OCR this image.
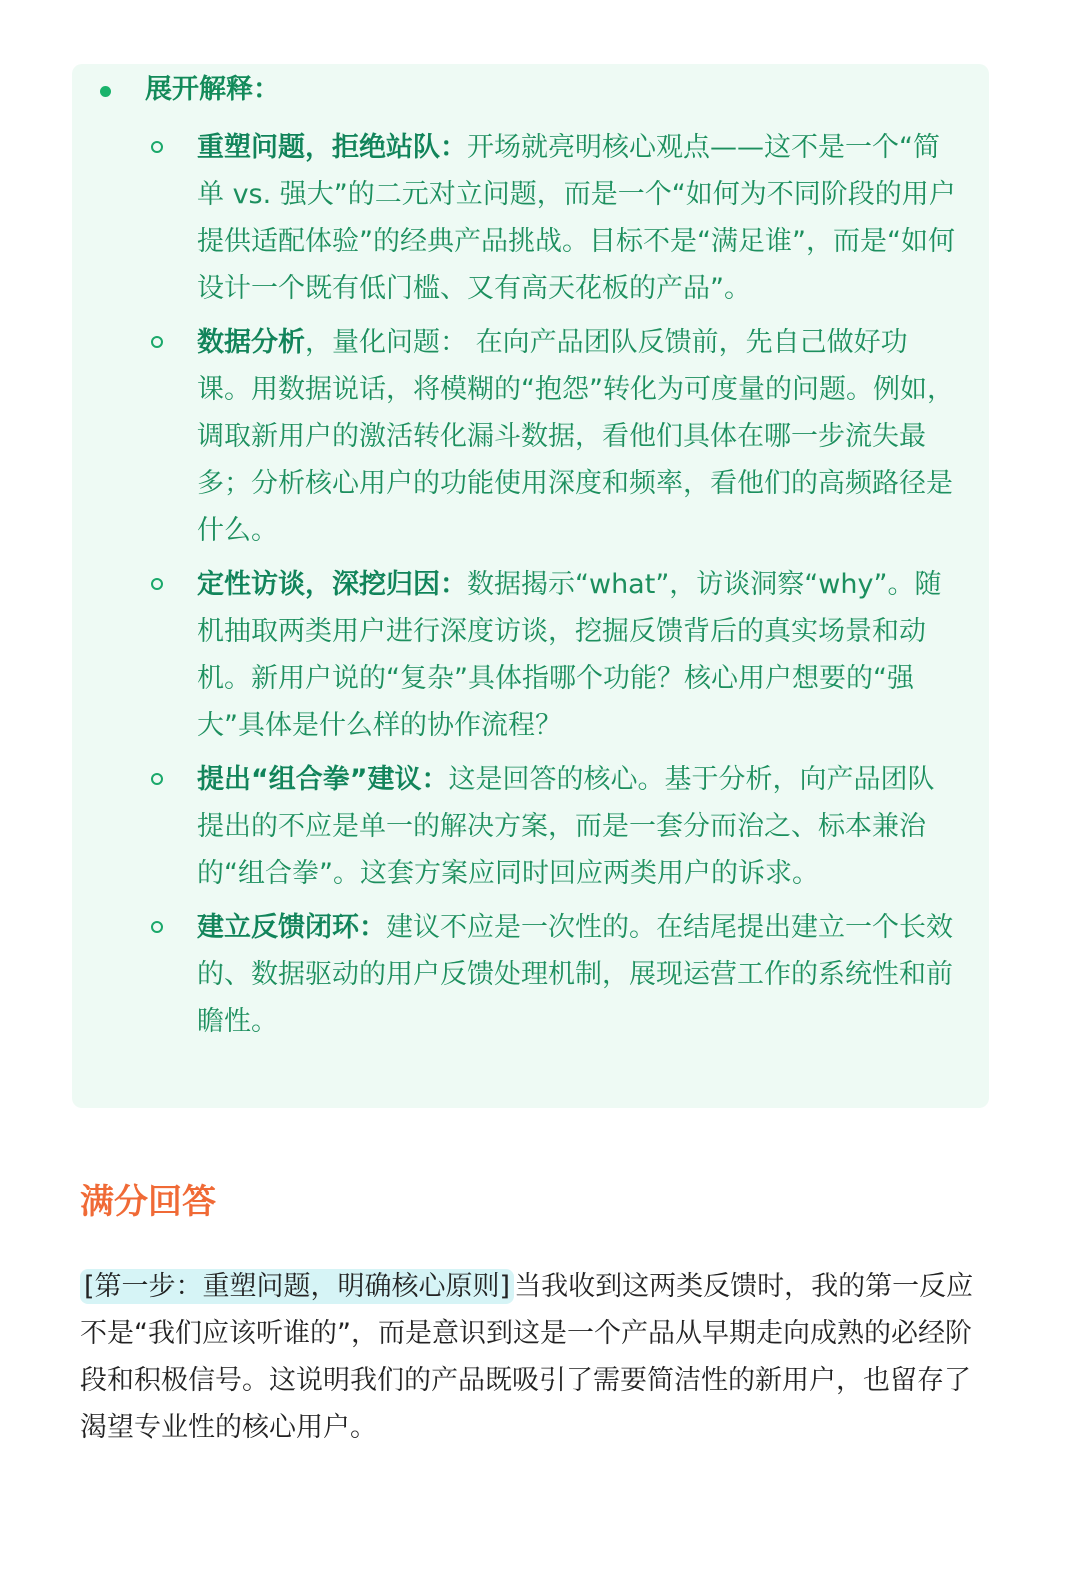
展开解释：
重塑问题，拒绝站队：开场就亮明核心观点——这不是一个“简单 vs. 强大”的二元对立问题，而是一个“如何为不同阶段的用户提供适配体验”的经典产品挑战。目标不是“满足谁”，而是“如何设计一个既有低门槛、又有高天花板的产品”。
数据分析，量化问题： 在向产品团队反馈前，先自己做好功课。用数据说话，将模糊的“抱怨”转化为可度量的问题。例如，调取新用户的激活转化漏斗数据，看他们具体在哪一步流失最多；分析核心用户的功能使用深度和频率，看他们的高频路径是什么。
定性访谈，深挖归因：数据揭示“what”，访谈洞察“why”。随机抽取两类用户进行深度访谈，挖掘反馈背后的真实场景和动机。新用户说的“复杂”具体指哪个功能？核心用户想要的“强大”具体是什么样的协作流程？
提出“组合拳”建议：这是回答的核心。基于分析，向产品团队提出的不应是单一的解决方案，而是一套分而治之、标本兼治的“组合拳”。这套方案应同时回应两类用户的诉求。
建立反馈闭环：建议不应是一次性的。在结尾提出建立一个长效的、数据驱动的用户反馈处理机制，展现运营工作的系统性和前瞻性。
满分回答

[第一步：重塑问题，明确核心原则] 当我收到这两类反馈时，我的第一反应不是“我们应该听谁的”，而是意识到这是一个产品从早期走向成熟的必经阶段和积极信号。这说明我们的产品既吸引了需要简洁性的新用户，也留存了渴望专业性的核心用户。
